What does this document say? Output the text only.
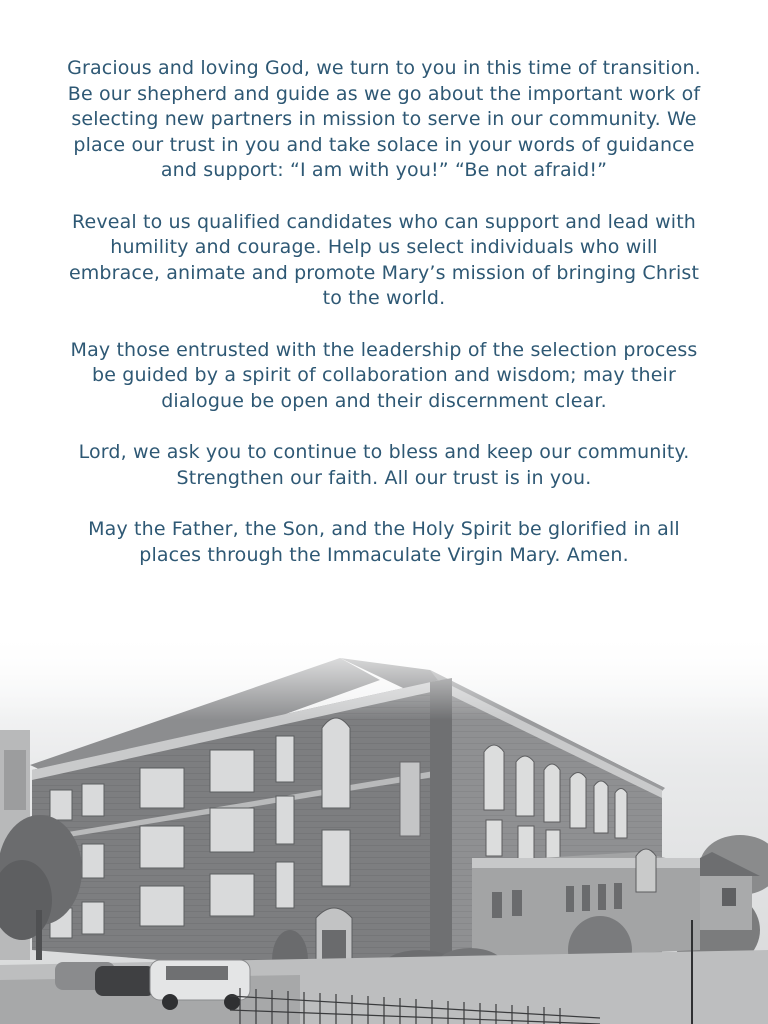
Gracious and loving God, we turn to you in this time of transition. Be our shepherd and guide as we go about the important work of selecting new partners in mission to serve in our community. We place our trust in you and take solace in your words of guidance and support: “I am with you!” “Be not afraid!”

Reveal to us qualified candidates who can support and lead with humility and courage. Help us select individuals who will embrace, animate and promote Mary’s mission of bringing Christ to the world.

May those entrusted with the leadership of the selection process be guided by a spirit of collaboration and wisdom; may their dialogue be open and their discernment clear.

Lord, we ask you to continue to bless and keep our community. Strengthen our faith. All our trust is in you.

May the Father, the Son, and the Holy Spirit be glorified in all places through the Immaculate Virgin Mary. Amen.
